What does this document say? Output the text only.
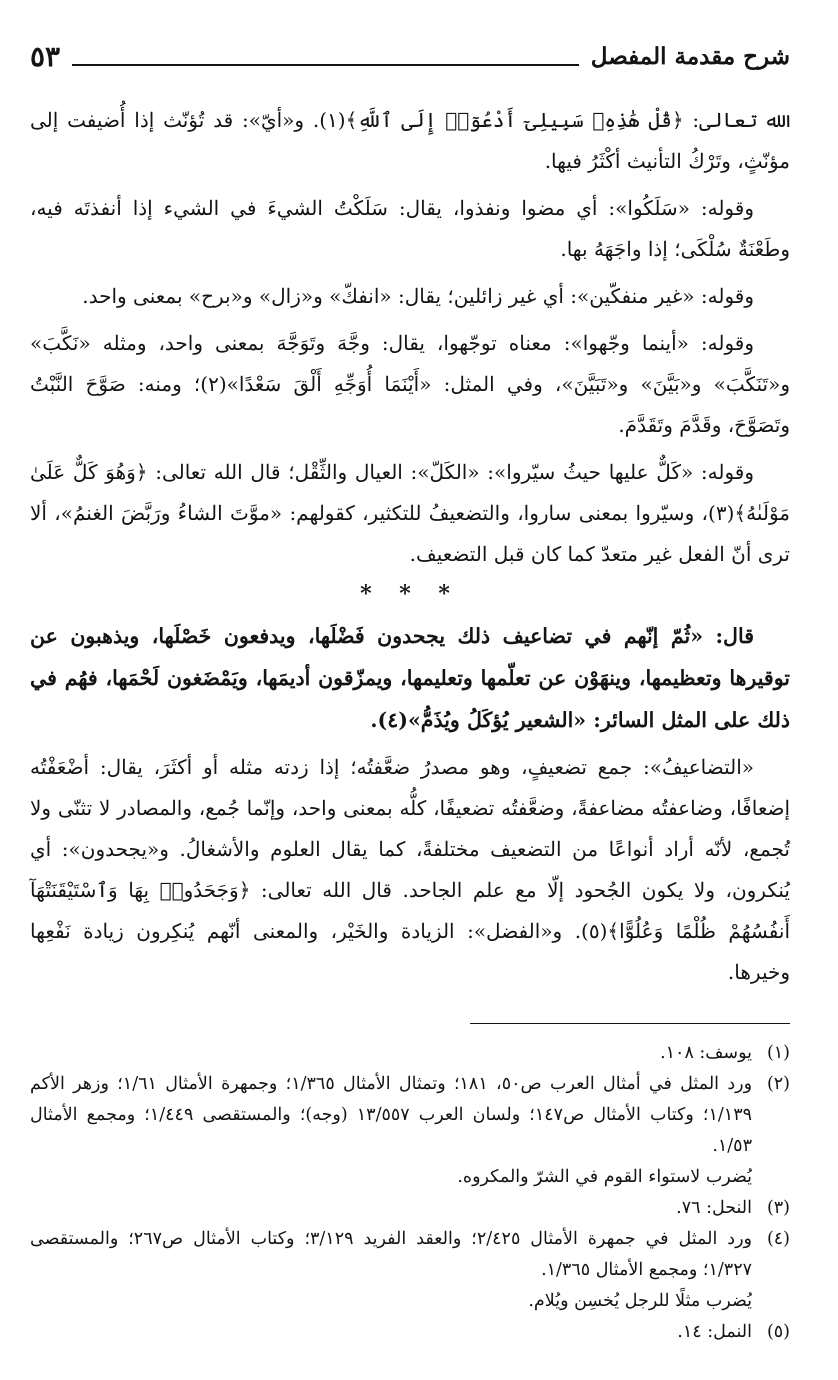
شرح مقدمة المفصل
٥٣

الله تعالى: ﴿قُلْ هَٰذِهِۦ سَبِيلِىٓ أَدْعُوٓا۟ إِلَى ٱللَّهِ﴾(١). و«أيّ»: قد تُؤنّث إذا أُضيفت إلى مؤنّثٍ، وتَرْكُ التأنيث أكْثَرُ فيها.

وقوله: «سَلَكُوا»: أي مضوا ونفذوا، يقال: سَلَكْتُ الشيءَ في الشيء إذا أنفذتَه فيه، وطَعْنَةٌ سُلْكَى؛ إذا واجَهَهُ بها.

وقوله: «غير منفكّين»: أي غير زائلين؛ يقال: «انفكّ» و«زال» و«برح» بمعنى واحد.

وقوله: «أينما وجّهوا»: معناه توجّهوا، يقال: وجَّهَ وتَوَجَّهَ بمعنى واحد، ومثله «نَكَّبَ» و«تَنَكَّبَ» و«بَيَّنَ» و«تَبَيَّنَ»، وفي المثل: «أَيْنَمَا أُوَجِّهِ أَلْقَ سَعْدًا»(٢)؛ ومنه: صَوَّحَ النَّبْتُ وتَصَوَّحَ، وقَدَّمَ وتَقَدَّمَ.

وقوله: «كَلٌّ عليها حيثُ سيّروا»: «الكَلّ»: العيال والثِّقْل؛ قال الله تعالى: ﴿وَهُوَ كَلٌّ عَلَىٰ مَوْلَىٰهُ﴾(٣)، وسيّروا بمعنى ساروا، والتضعيفُ للتكثير، كقولهم: «موَّتَ الشاءُ ورَبَّضَ الغنمُ»، ألا ترى أنّ الفعل غير متعدّ كما كان قبل التضعيف.

* * *

قال: «ثُمّ إنّهم في تضاعيف ذلك يجحدون فَضْلَها، ويدفعون خَصْلَها، ويذهبون عن توقيرها وتعظيمها، وينهَوْن عن تعلّمها وتعليمها، ويمزّقون أديمَها، ويَمْضَغون لَحْمَها، فهُم في ذلك على المثل السائر: «الشعير يُؤكَلُ ويُذَمُّ»(٤).

«التضاعيفُ»: جمع تضعيفٍ، وهو مصدرُ ضعَّفتُه؛ إذا زدته مثله أو أكثَرَ، يقال: أضْعَفْتُه إضعافًا، وضاعفتُه مضاعفةً، وضعَّفتُه تضعيفًا، كلُّه بمعنى واحد، وإنّما جُمع، والمصادر لا تثنّى ولا تُجمع، لأنّه أراد أنواعًا من التضعيف مختلفةً، كما يقال العلوم والأشغالُ. و«يجحدون»: أي يُنكرون، ولا يكون الجُحود إلّا مع علم الجاحد. قال الله تعالى: ﴿وَجَحَدُوا۟ بِهَا وَٱسْتَيْقَنَتْهَآ أَنفُسُهُمْ ظُلْمًا وَعُلُوًّا﴾(٥). و«الفضل»: الزيادة والخَيْر، والمعنى أنّهم يُنكِرون زيادة نَفْعِها وخيرها.

(١)
يوسف: ١٠٨.
(٢)
ورد المثل في أمثال العرب ص٥٠، ١٨١؛ وتمثال الأمثال ١/٣٦٥؛ وجمهرة الأمثال ١/٦١؛ وزهر الأكم ١/١٣٩؛ وكتاب الأمثال ص١٤٧؛ ولسان العرب ١٣/٥٥٧ (وجه)؛ والمستقصى ١/٤٤٩؛ ومجمع الأمثال ١/٥٣.
يُضرب لاستواء القوم في الشرّ والمكروه.
(٣)
النحل: ٧٦.
(٤)
ورد المثل في جمهرة الأمثال ٢/٤٢٥؛ والعقد الفريد ٣/١٢٩؛ وكتاب الأمثال ص٢٦٧؛ والمستقصى ١/٣٢٧؛ ومجمع الأمثال ١/٣٦٥.
يُضرب مثلًا للرجل يُخسِن ويُلام.
(٥)
النمل: ١٤.
